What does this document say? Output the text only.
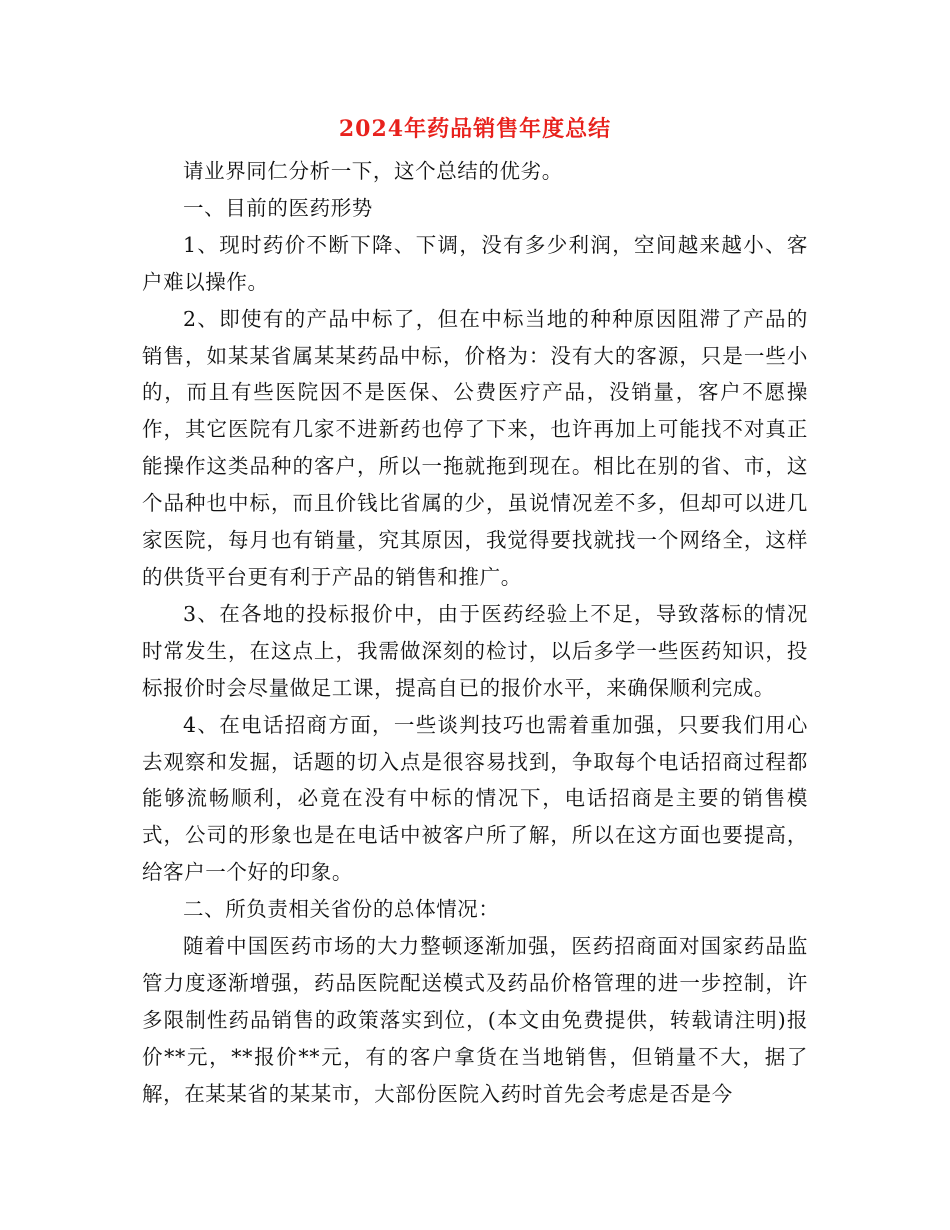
2024年药品销售年度总结

请业界同仁分析一下，这个总结的优劣。

一、目前的医药形势

1、现时药价不断下降、下调，没有多少利润，空间越来越小、客户难以操作。

2、即使有的产品中标了，但在中标当地的种种原因阻滞了产品的销售，如某某省属某某药品中标，价格为：没有大的客源，只是一些小的，而且有些医院因不是医保、公费医疗产品，没销量，客户不愿操作，其它医院有几家不进新药也停了下来，也许再加上可能找不对真正能操作这类品种的客户，所以一拖就拖到现在。相比在别的省、市，这个品种也中标，而且价钱比省属的少，虽说情况差不多，但却可以进几家医院，每月也有销量，究其原因，我觉得要找就找一个网络全，这样的供货平台更有利于产品的销售和推广。

3、在各地的投标报价中，由于医药经验上不足，导致落标的情况时常发生，在这点上，我需做深刻的检讨，以后多学一些医药知识，投标报价时会尽量做足工课，提高自已的报价水平，来确保顺利完成。

4、在电话招商方面，一些谈判技巧也需着重加强，只要我们用心去观察和发掘，话题的切入点是很容易找到，争取每个电话招商过程都能够流畅顺利，必竟在没有中标的情况下，电话招商是主要的销售模式，公司的形象也是在电话中被客户所了解，所以在这方面也要提高，给客户一个好的印象。

二、所负责相关省份的总体情况：

随着中国医药市场的大力整顿逐渐加强，医药招商面对国家药品监管力度逐渐增强，药品医院配送模式及药品价格管理的进一步控制，许多限制性药品销售的政策落实到位，(本文由免费提供，转载请注明)报价**元，**报价**元，有的客户拿货在当地销售，但销量不大，据了解，在某某省的某某市，大部份医院入药时首先会考虑是否是今
